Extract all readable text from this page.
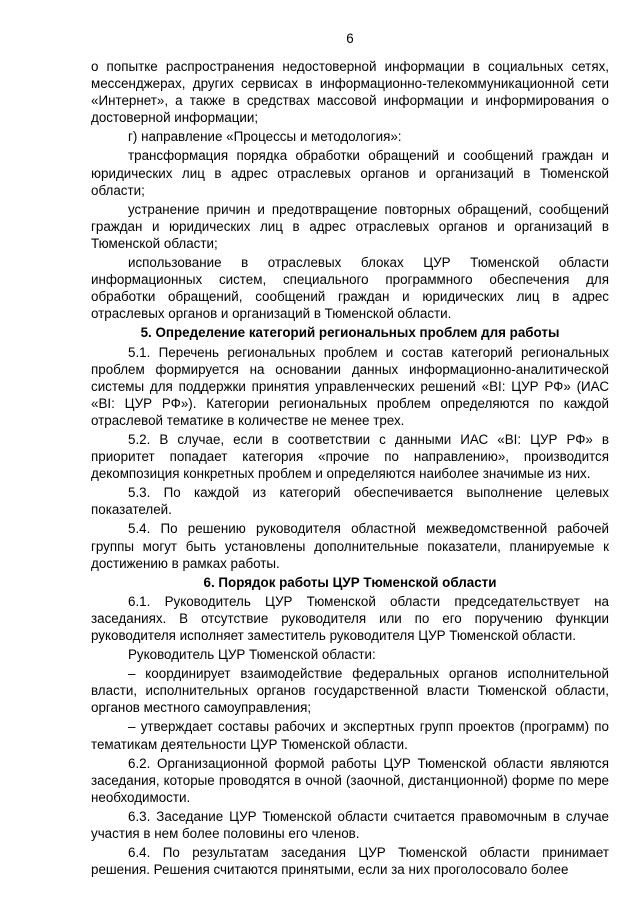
6

о попытке распространения недостоверной информации в социальных сетях, мессенджерах, других сервисах в информационно-телекоммуникационной сети «Интернет», а также в средствах массовой информации и информирования о достоверной информации;

г) направление «Процессы и методология»:

трансформация порядка обработки обращений и сообщений граждан и юридических лиц в адрес отраслевых органов и организаций в Тюменской области;

устранение причин и предотвращение повторных обращений, сообщений граждан и юридических лиц в адрес отраслевых органов и организаций в Тюменской области;

использование в отраслевых блоках ЦУР Тюменской области информационных систем, специального программного обеспечения для обработки обращений, сообщений граждан и юридических лиц в адрес отраслевых органов и организаций в Тюменской области.

5. Определение категорий региональных проблем для работы

5.1. Перечень региональных проблем и состав категорий региональных проблем формируется на основании данных информационно-аналитической системы для поддержки принятия управленческих решений «BI: ЦУР РФ» (ИАС «BI: ЦУР РФ»). Категории региональных проблем определяются по каждой отраслевой тематике в количестве не менее трех.

5.2. В случае, если в соответствии с данными ИАС «BI: ЦУР РФ» в приоритет попадает категория «прочие по направлению», производится декомпозиция конкретных проблем и определяются наиболее значимые из них.

5.3. По каждой из категорий обеспечивается выполнение целевых показателей.

5.4. По решению руководителя областной межведомственной рабочей группы могут быть установлены дополнительные показатели, планируемые к достижению в рамках работы.

6. Порядок работы ЦУР Тюменской области

6.1. Руководитель ЦУР Тюменской области председательствует на заседаниях. В отсутствие руководителя или по его поручению функции руководителя исполняет заместитель руководителя ЦУР Тюменской области.

Руководитель ЦУР Тюменской области:

– координирует взаимодействие федеральных органов исполнительной власти, исполнительных органов государственной власти Тюменской области, органов местного самоуправления;

– утверждает составы рабочих и экспертных групп проектов (программ) по тематикам деятельности ЦУР Тюменской области.

6.2. Организационной формой работы ЦУР Тюменской области являются заседания, которые проводятся в очной (заочной, дистанционной) форме по мере необходимости.

6.3. Заседание ЦУР Тюменской области считается правомочным в случае участия в нем более половины его членов.

6.4. По результатам заседания ЦУР Тюменской области принимает решения. Решения считаются принятыми, если за них проголосовало более
